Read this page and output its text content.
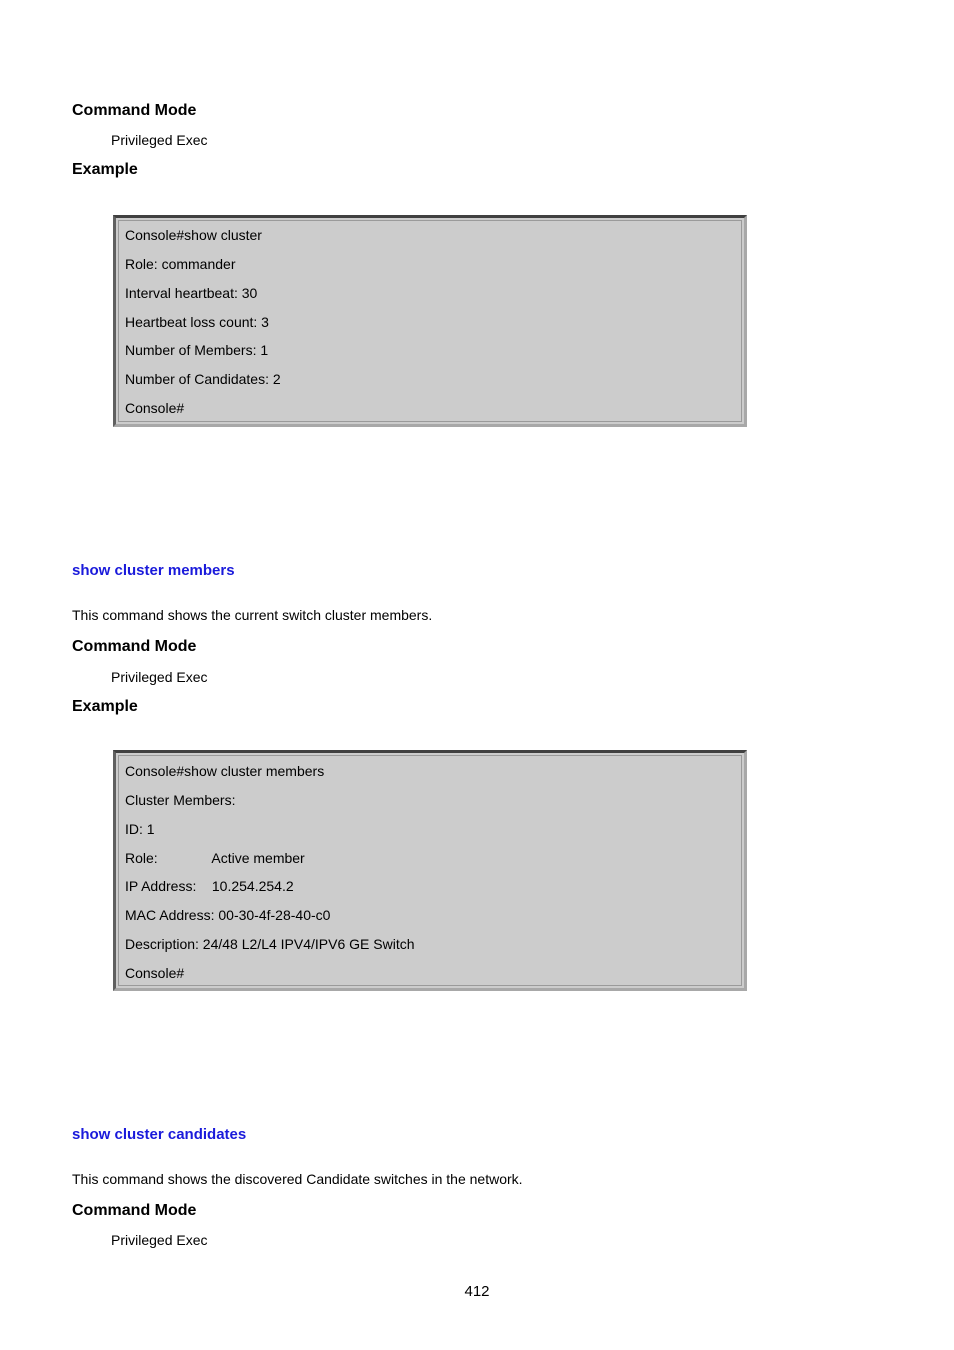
Command Mode
Privileged Exec
Example
Console#show cluster
Role: commander
Interval heartbeat: 30
Heartbeat loss count: 3
Number of Members: 1
Number of Candidates: 2
Console#
show cluster members
This command shows the current switch cluster members.
Command Mode
Privileged Exec
Example
Console#show cluster members
Cluster Members:
ID: 1
Role:              Active member
IP Address:    10.254.254.2
MAC Address: 00-30-4f-28-40-c0
Description: 24/48 L2/L4 IPV4/IPV6 GE Switch
Console#
show cluster candidates
This command shows the discovered Candidate switches in the network.
Command Mode
Privileged Exec
412
